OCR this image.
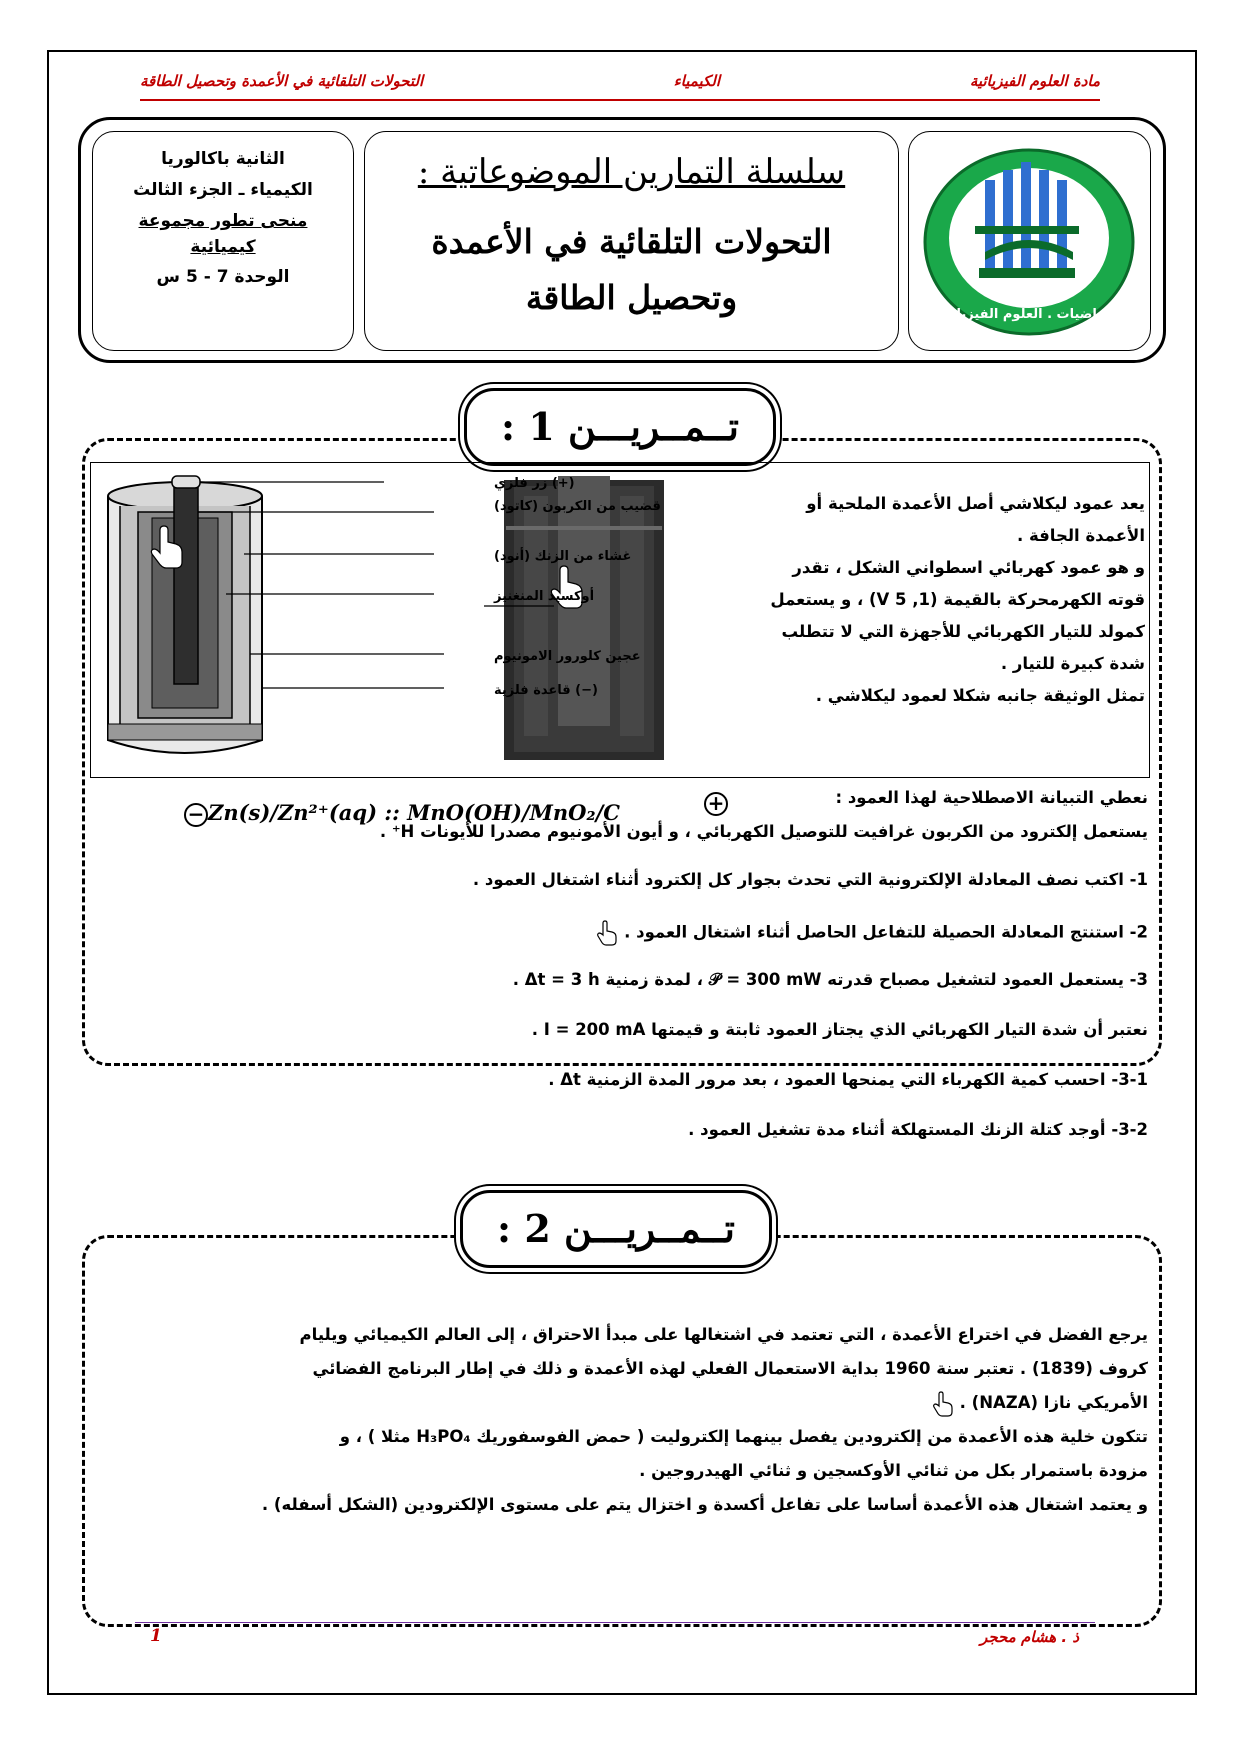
مادة العلوم الفيزيائية
الكيمياء
التحولات التلقائية في الأعمدة وتحصيل الطاقة
الرياضيات . العلوم الفيزيائية
سلسلة التمارين الموضوعاتية :
التحولات التلقائية في الأعمدة وتحصيل الطاقة
الثانية باكالوريا
الكيمياء ـ الجزء الثالث
منحى تطور مجموعة كيميائية
الوحدة 7 - 5 س
تــمــريـــن 1 :
(+) زر فلزي
قضيب من الكربون (كاتود)
غشاء من الزنك (أنود)
أوكسيد المنغنيز
عجين كلورور الامونيوم
(−) قاعدة فلزية

يعد عمود ليكلاشي أصل الأعمدة الملحية أو

الأعمدة الجافة .

و هو عمود كهربائي اسطواني الشكل ، تقدر

قوته الكهرمحركة بالقيمة (1, 5 V) ، و يستعمل

كمولد للتيار الكهربائي للأجهزة التي لا تتطلب

شدة كبيرة للتيار .

تمثل الوثيقة جانبه شكلا لعمود ليكلاشي .

نعطي التبيانة الاصطلاحية لهذا العمود :

يستعمل إلكترود من الكربون غرافيت للتوصيل الكهربائي ، و أيون الأمونيوم مصدرا للأيونات H⁺ .

1- اكتب نصف المعادلة الإلكترونية التي تحدث بجوار كل إلكترود أثناء اشتغال العمود .

2- استنتج المعادلة الحصيلة للتفاعل الحاصل أثناء اشتغال العمود .

3- يستعمل العمود لتشغيل مصباح قدرته 𝒫 = 300 mW ، لمدة زمنية Δt = 3 h .

نعتبر أن شدة التيار الكهربائي الذي يجتاز العمود ثابتة و قيمتها I = 200 mA .

3-1- احسب كمية الكهرباء التي يمنحها العمود ، بعد مرور المدة الزمنية Δt .

3-2- أوجد كتلة الزنك المستهلكة أثناء مدة تشغيل العمود .

Zn(s)/Zn²⁺(aq) :: MnO(OH)/MnO₂/C
−	+
تــمــريـــن 2 :

يرجع الفضل في اختراع الأعمدة ، التي تعتمد في اشتغالها على مبدأ الاحتراق ، إلى العالم الكيميائي ويليام

كروف (1839) . تعتبر سنة 1960 بداية الاستعمال الفعلي لهذه الأعمدة و ذلك في إطار البرنامج الفضائي

الأمريكي نازا (NAZA) .

تتكون خلية هذه الأعمدة من إلكترودين يفصل بينهما إلكتروليت ( حمض الفوسفوريك H₃PO₄ مثلا ) ، و

مزودة باستمرار بكل من ثنائي الأوكسجين و ثنائي الهيدروجين .

و يعتمد اشتغال هذه الأعمدة أساسا على تفاعل أكسدة و اختزال يتم على مستوى الإلكترودين (الشكل أسفله) .

ذ . هشام محجر
1
